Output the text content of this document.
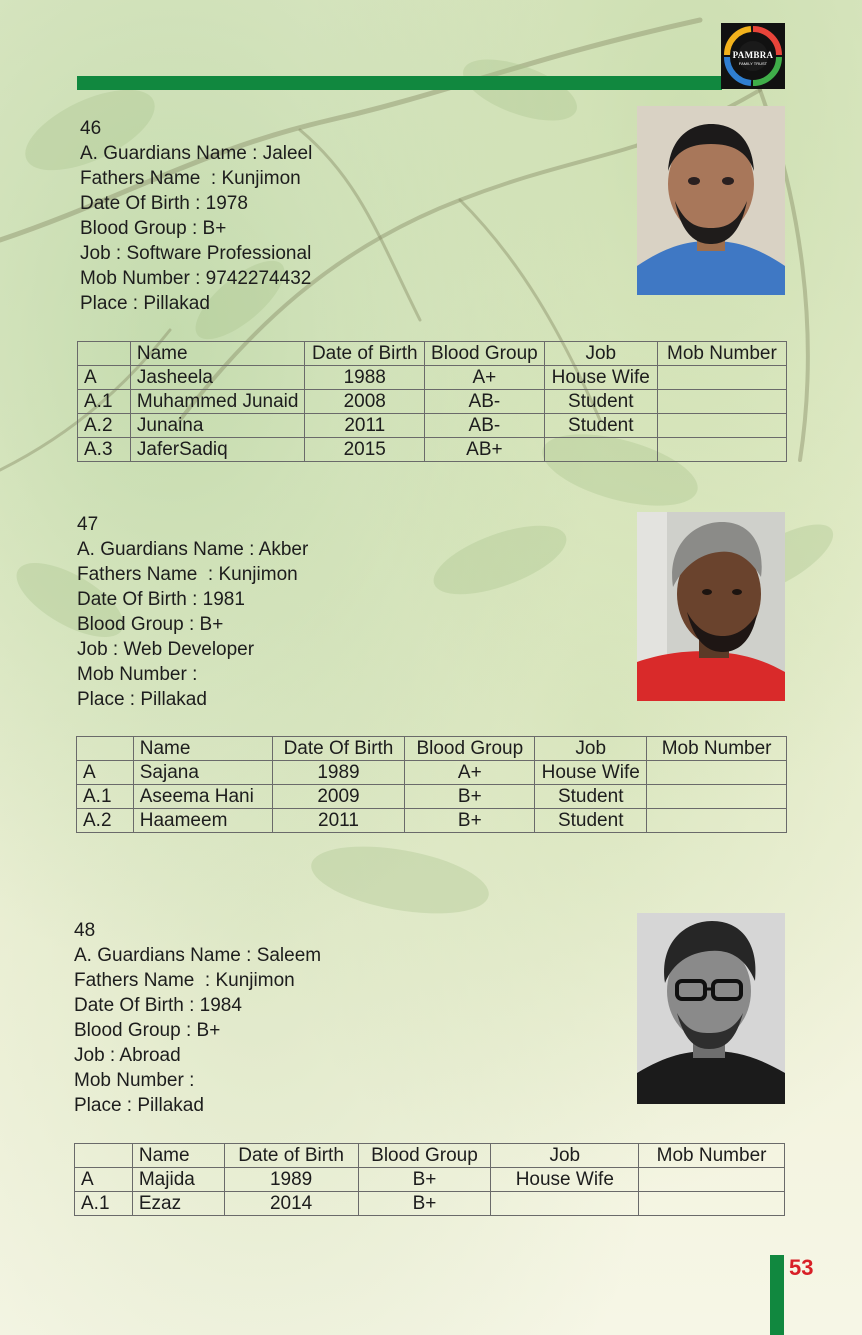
PAMBRA
FAMILY TRUST

46

A. Guardians Name : Jaleel

Fathers Name  : Kunjimon

Date Of Birth : 1978

Blood Group : B+

Job : Software Professional

Mob Number : 9742274432

Place : Pillakad

	Name	Date of Birth	Blood Group	Job	Mob Number
A	Jasheela	1988	A+	House Wife	
A.1	Muhammed Junaid	2008	AB-	Student	
A.2	Junaina	2011	AB-	Student	
A.3	JaferSadiq	2015	AB+		

47

A. Guardians Name : Akber

Fathers Name  : Kunjimon

Date Of Birth : 1981

Blood Group : B+

Job : Web Developer

Mob Number :

Place : Pillakad

	Name	Date Of Birth	Blood Group	Job	Mob Number
A	Sajana	1989	A+	House Wife	
A.1	Aseema Hani	2009	B+	Student	
A.2	Haameem	2011	B+	Student	

48

A. Guardians Name : Saleem

Fathers Name  : Kunjimon

Date Of Birth : 1984

Blood Group : B+

Job : Abroad

Mob Number :

Place : Pillakad

	Name	Date of Birth	Blood Group	Job	Mob Number
A	Majida	1989	B+	House Wife	
A.1	Ezaz	2014	B+		
53
